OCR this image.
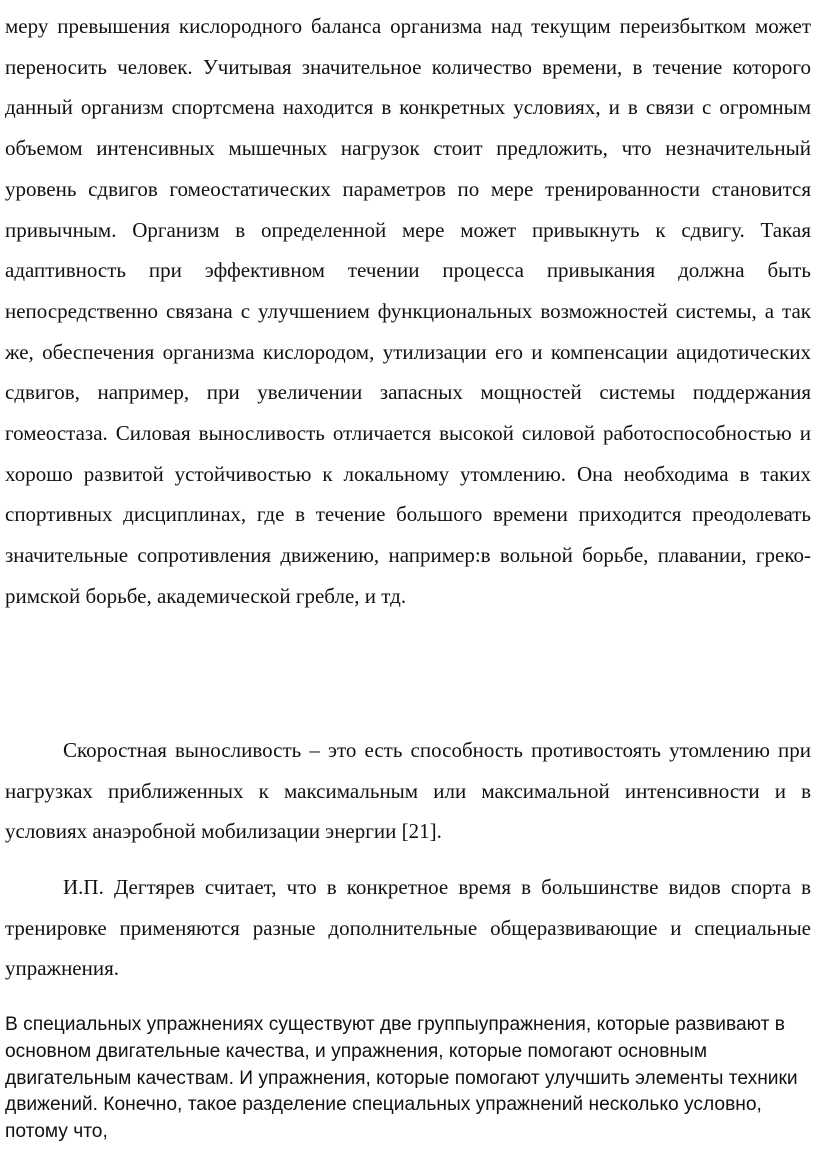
меру превышения кислородного баланса организма над текущим переизбытком может переносить человек. Учитывая значительное количество времени, в течение которого данный организм спортсмена находится в конкретных условиях, и в связи с огромным объемом интенсивных мышечных нагрузок стоит предложить, что незначительный уровень сдвигов гомеостатических параметров по мере тренированности становится привычным. Организм в определенной мере может привыкнуть к сдвигу. Такая адаптивность при эффективном течении процесса привыкания должна быть непосредственно связана с улучшением функциональных возможностей системы, а так же, обеспечения организма кислородом, утилизации его и компенсации ацидотических сдвигов, например, при увеличении запасных мощностей системы поддержания гомеостаза. Силовая выносливость отличается высокой силовой работоспособностью и хорошо развитой устойчивостью к локальному утомлению. Она необходима в таких спортивных дисциплинах, где в течение большого времени приходится преодолевать значительные сопротивления движению, например:в вольной борьбе, плавании, греко-римской борьбе, академической гребле, и тд.

Скоростная выносливость – это есть способность противостоять утомлению при нагрузках приближенных к максимальным или максимальной интенсивности и в условиях анаэробной мобилизации энергии [21].

И.П. Дегтярев считает, что в конкретное время в большинстве видов спорта в тренировке применяются разные дополнительные общеразвивающие и специальные упражнения.

В специальных упражнениях существуют две группыупражнения, которые развивают в основном двигательные качества, и упражнения, которые помогают основным двигательным качествам. И упражнения, которые помогают улучшить элементы техники движений. Конечно, такое разделение специальных упражнений несколько условно, потому что,
